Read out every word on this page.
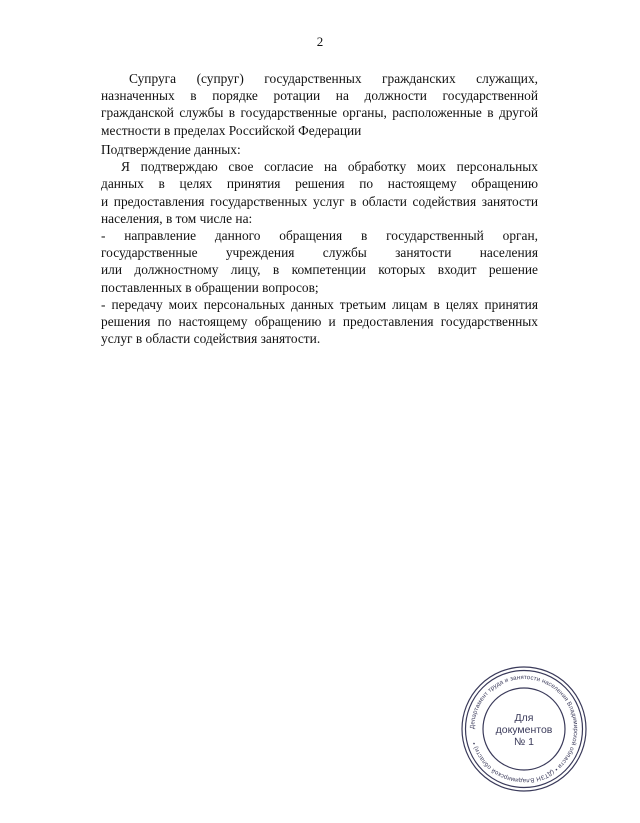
2
Супруга (супруг) государственных гражданских служащих,
назначенных в порядке ротации на должности государственной
гражданской службы в государственные органы, расположенные в другой
местности в пределах Российской Федерации
Подтверждение данных:
Я подтверждаю свое согласие на обработку моих персональных
данных в целях принятия решения по настоящему обращению
и предоставления государственных услуг в области содействия занятости
населения, в том числе на:
- направление данного обращения в государственный орган,
государственные учреждения службы занятости населения
или должностному лицу, в компетенции которых входит решение
поставленных в обращении вопросов;
- передачу моих персональных данных третьим лицам в целях принятия
решения по настоящему обращению и предоставления государственных
услуг в области содействия занятости.
Департамент труда и занятости населения Владимирской области • (ДТЗН Владимирской области) •
Для
документов
№ 1
